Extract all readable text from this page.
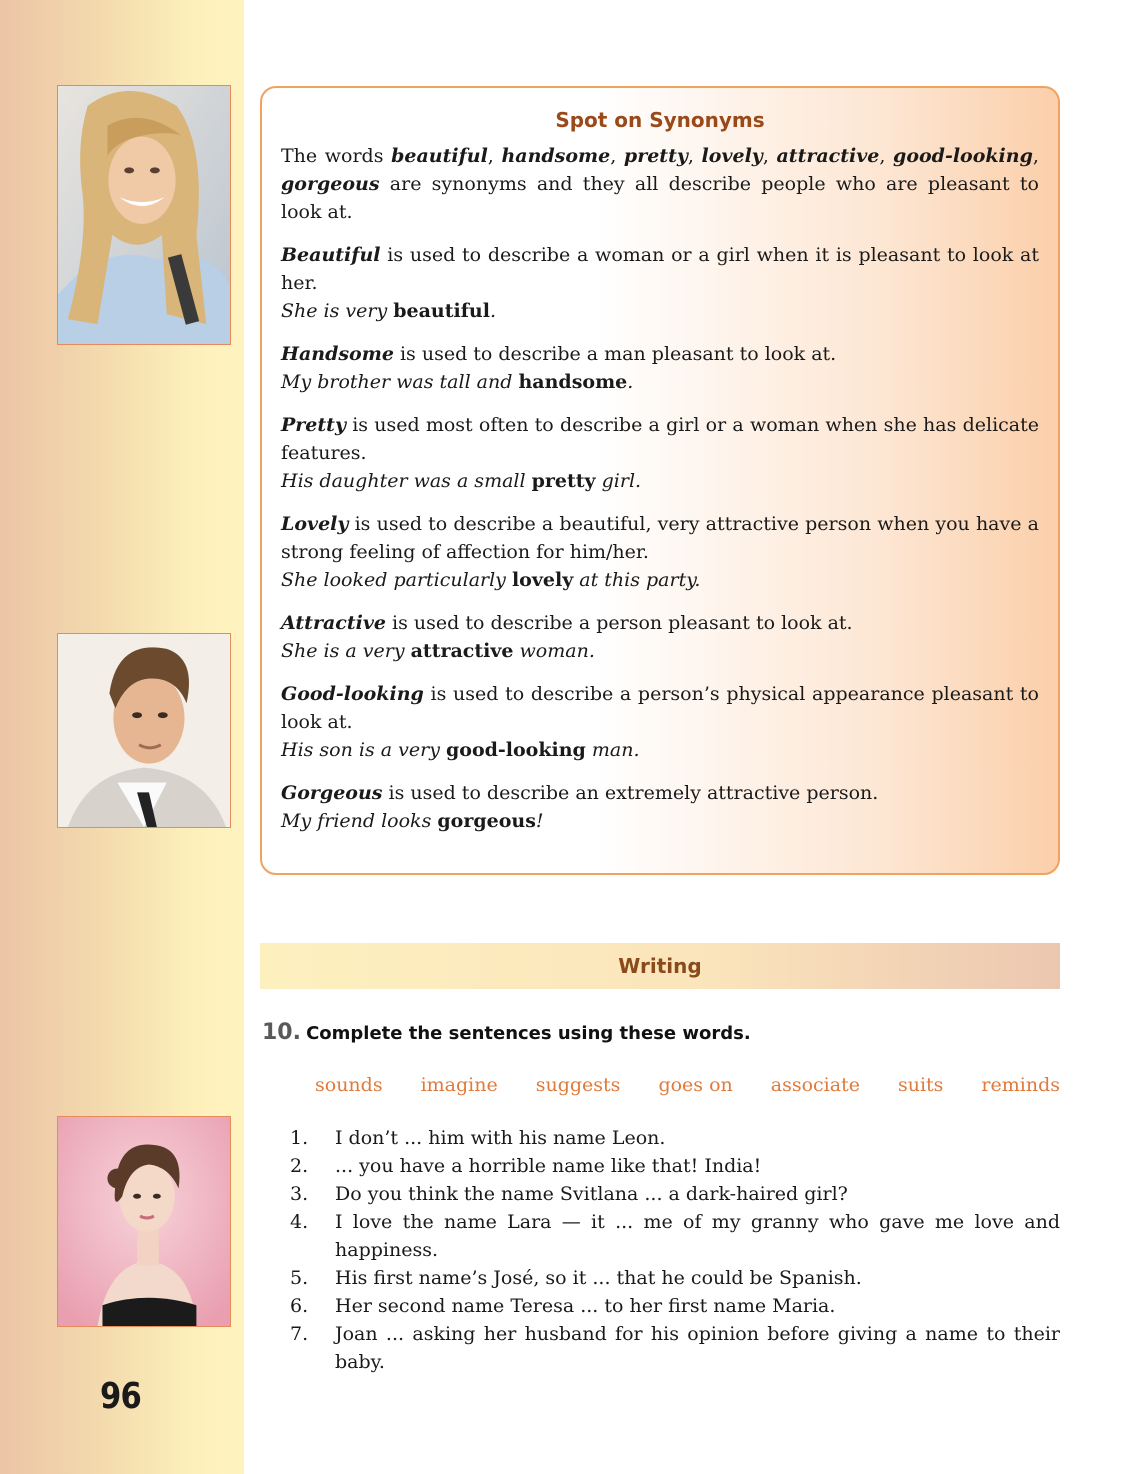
96
Spot on Synonyms

The words beautiful, handsome, pretty, lovely, attractive, good-looking, gorgeous are synonyms and they all describe people who are pleasant to look at.

Beautiful is used to describe a woman or a girl when it is pleasant to look at her.

She is very beautiful.

Handsome is used to describe a man pleasant to look at.

My brother was tall and handsome.

Pretty is used most often to describe a girl or a woman when she has delicate features.

His daughter was a small pretty girl.

Lovely is used to describe a beautiful, very attractive person when you have a strong feeling of affection for him/her.

She looked particularly lovely at this party.

Attractive is used to describe a person pleasant to look at.

She is a very attractive woman.

Good-looking is used to describe a person’s physical appearance pleasant to look at.

His son is a very good-looking man.

Gorgeous is used to describe an extremely attractive person.

My friend looks gorgeous!

Writing
10. Complete the sentences using these words.
sounds imagine suggests goes on associate suits reminds
1.	I don’t ... him with his name Leon.
2.	... you have a horrible name like that! India!
3.	Do you think the name Svitlana ... a dark-haired girl?
4.	I love the name Lara — it ... me of my granny who gave me love and happiness.
5.	His first name’s José, so it ... that he could be Spanish.
6.	Her second name Teresa ... to her first name Maria.
7.	Joan ... asking her husband for his opinion before giving a name to their baby.
